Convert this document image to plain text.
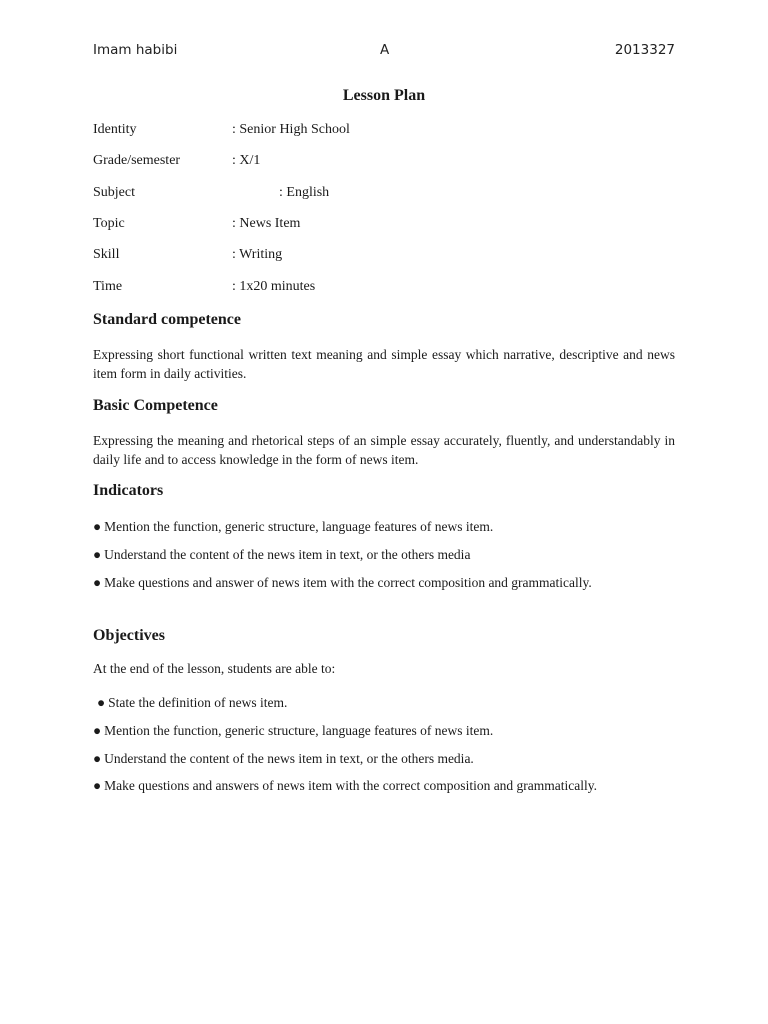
Imam habibi	A	2013327
Lesson Plan
Identity	: Senior High School
Grade/semester	: X/1
Subject	: English
Topic	: News Item
Skill	: Writing
Time	: 1x20 minutes
Standard competence

Expressing short functional written text meaning and simple essay which narrative, descriptive and news item form in daily activities.

Basic Competence

Expressing the meaning and rhetorical steps of an simple essay accurately, fluently, and understandably in daily life and to access knowledge in the form of news item.

Indicators

● Mention the function, generic structure, language features of news item.

● Understand the content of the news item in text, or the others media

● Make questions and answer of news item with the correct composition and grammatically.

Objectives

At the end of the lesson, students are able to:

● State the definition of news item.

● Mention the function, generic structure, language features of news item.

● Understand the content of the news item in text, or the others media.

● Make questions and answers of news item with the correct composition and grammatically.
